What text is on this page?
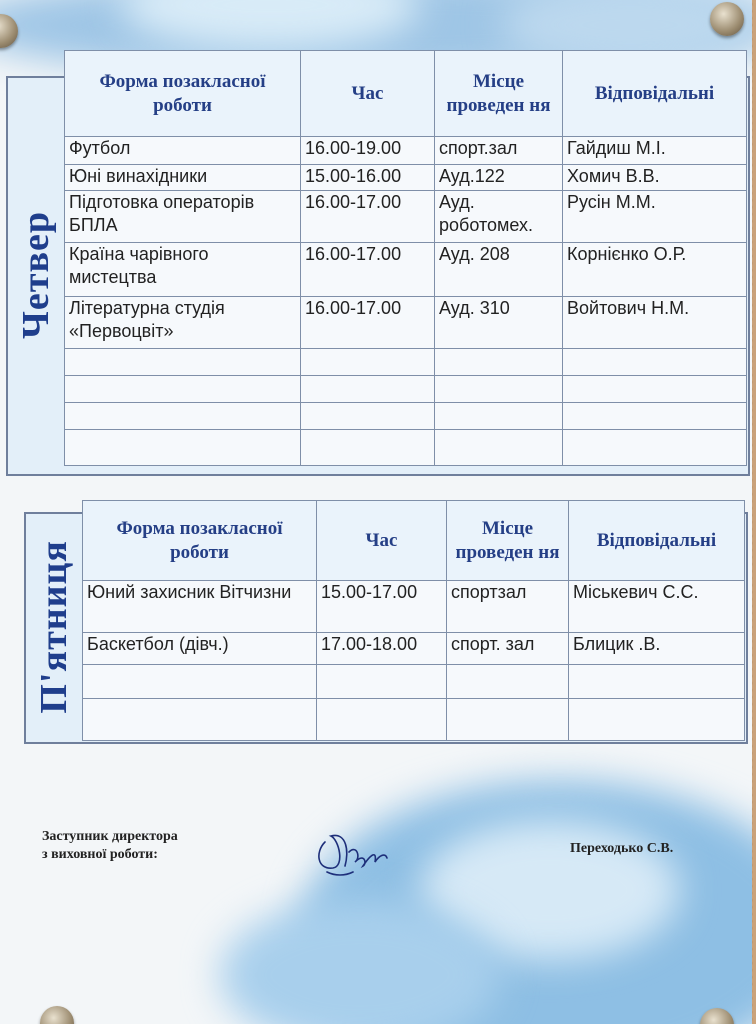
Четвер
Форма позакласної роботи	Час	Місце проведен ня	Відповідальні
Футбол	16.00-19.00	спорт.зал	Гайдиш М.І.
Юні винахідники	15.00-16.00	Ауд.122	Хомич В.В.
Підготовка операторів БПЛА	16.00-17.00	Ауд. роботомех.	Русін М.М.
Країна чарівного мистецтва	16.00-17.00	Ауд. 208	Корнієнко О.Р.
Літературна студія «Первоцвіт»	16.00-17.00	Ауд. 310	Войтович Н.М.

П'ятниця
Форма позакласної роботи	Час	Місце проведен ня	Відповідальні
Юний захисник Вітчизни	15.00-17.00	спортзал	Міськевич С.С.
Баскетбол (дівч.)	17.00-18.00	спорт. зал	Блицик .В.

Заступник директора
з виховної роботи:	Переходько С.В.
